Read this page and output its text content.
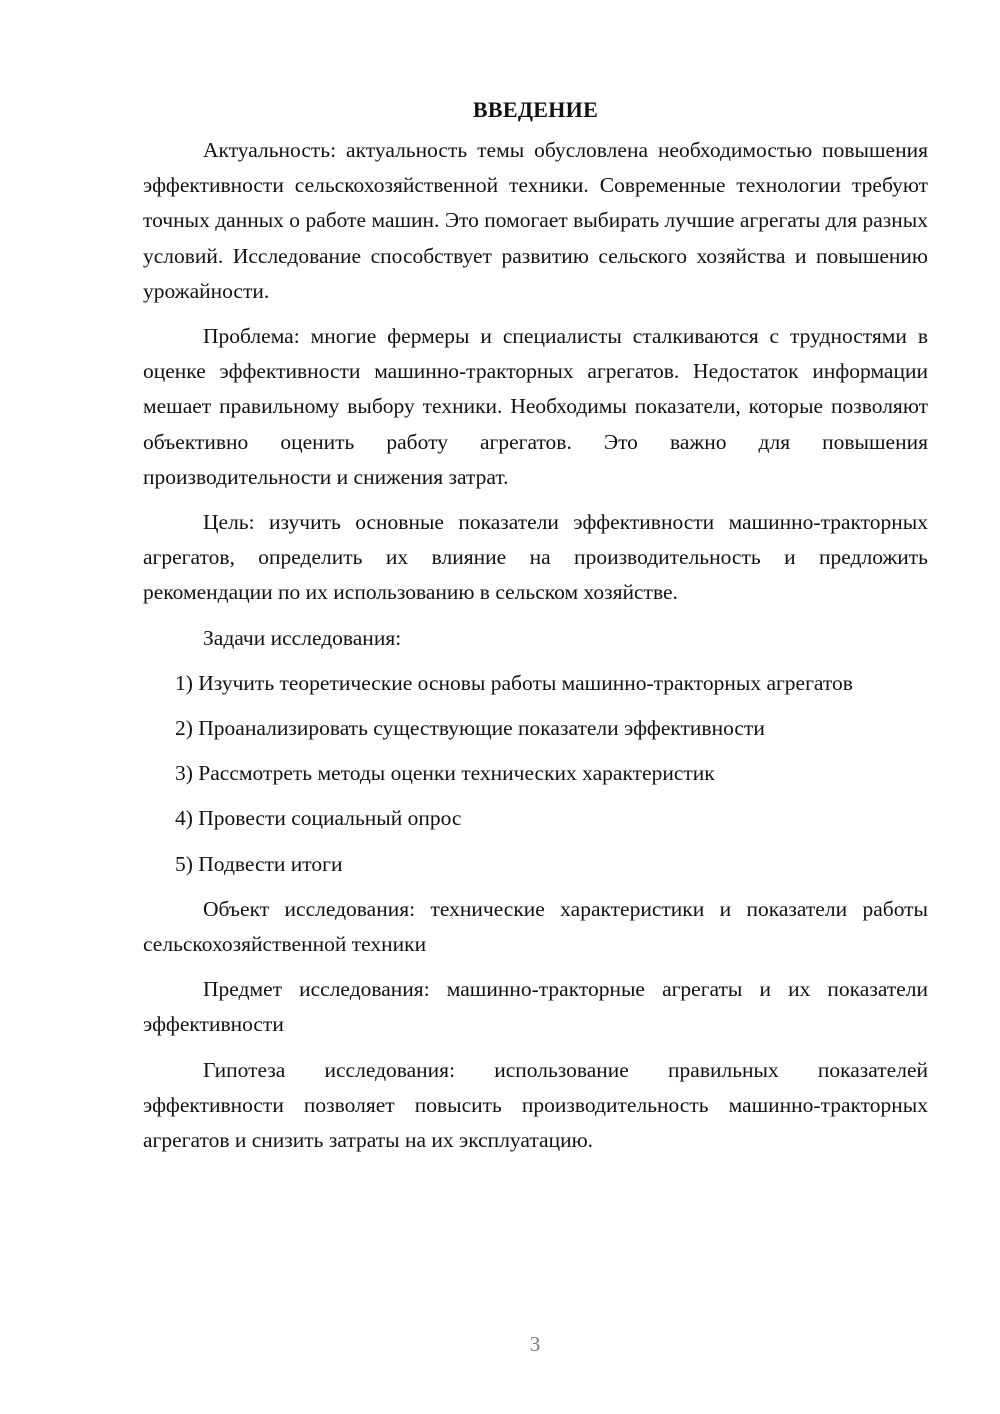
ВВЕДЕНИЕ

Актуальность: актуальность темы обусловлена необходимостью повышения эффективности сельскохозяйственной техники. Современные технологии требуют точных данных о работе машин. Это помогает выбирать лучшие агрегаты для разных условий. Исследование способствует развитию сельского хозяйства и повышению урожайности.

Проблема: многие фермеры и специалисты сталкиваются с трудностями в оценке эффективности машинно-тракторных агрегатов. Недостаток информации мешает правильному выбору техники. Необходимы показатели, которые позволяют объективно оценить работу агрегатов. Это важно для повышения производительности и снижения затрат.

Цель: изучить основные показатели эффективности машинно-тракторных агрегатов, определить их влияние на производительность и предложить рекомендации по их использованию в сельском хозяйстве.

Задачи исследования:

1) Изучить теоретические основы работы машинно-тракторных агрегатов

2) Проанализировать существующие показатели эффективности

3) Рассмотреть методы оценки технических характеристик

4) Провести социальный опрос

5) Подвести итоги

Объект исследования: технические характеристики и показатели работы сельскохозяйственной техники

Предмет исследования: машинно-тракторные агрегаты и их показатели эффективности

Гипотеза исследования: использование правильных показателей эффективности позволяет повысить производительность машинно-тракторных агрегатов и снизить затраты на их эксплуатацию.

3
